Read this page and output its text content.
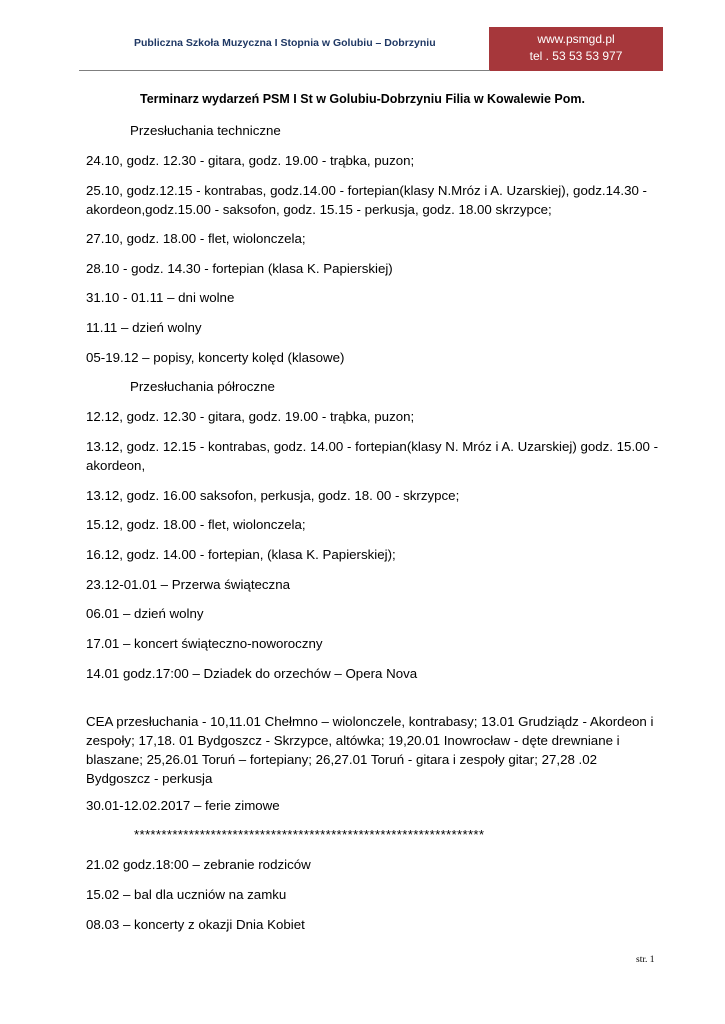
Publiczna Szkoła Muzyczna I Stopnia w Golubiu – Dobrzyniu	www.psmgd.pl
tel . 53 53 53 977
Terminarz wydarzeń PSM I St w Golubiu-Dobrzyniu Filia w Kowalewie Pom.
Przesłuchania techniczne
24.10, godz. 12.30 - gitara, godz. 19.00 - trąbka, puzon;
25.10, godz.12.15 - kontrabas, godz.14.00 - fortepian(klasy N.Mróz i A. Uzarskiej), godz.14.30 - akordeon,godz.15.00 - saksofon, godz. 15.15 - perkusja, godz. 18.00 skrzypce;
27.10, godz. 18.00 - flet, wiolonczela;
28.10 - godz. 14.30 - fortepian (klasa K. Papierskiej)
31.10 - 01.11 – dni wolne
11.11 – dzień wolny
05-19.12 – popisy, koncerty kolęd (klasowe)
Przesłuchania półroczne
12.12, godz. 12.30 - gitara, godz. 19.00 - trąbka, puzon;
13.12, godz. 12.15 - kontrabas, godz. 14.00 - fortepian(klasy N. Mróz i A. Uzarskiej) godz. 15.00 - akordeon,
13.12, godz. 16.00 saksofon, perkusja, godz. 18. 00 - skrzypce;
15.12, godz. 18.00 - flet, wiolonczela;
16.12, godz. 14.00 - fortepian, (klasa K. Papierskiej);
23.12-01.01 – Przerwa świąteczna
06.01 – dzień wolny
17.01 – koncert świąteczno-noworoczny
14.01 godz.17:00 – Dziadek do orzechów – Opera Nova
CEA przesłuchania - 10,11.01 Chełmno – wiolonczele, kontrabasy; 13.01 Grudziądz - Akordeon i zespoły; 17,18. 01 Bydgoszcz - Skrzypce, altówka; 19,20.01 Inowrocław - dęte drewniane i blaszane; 25,26.01 Toruń – fortepiany; 26,27.01 Toruń - gitara i zespoły gitar; 27,28 .02 Bydgoszcz - perkusja
30.01-12.02.2017 – ferie zimowe
****************************************************************
21.02 godz.18:00 – zebranie rodziców
15.02 – bal dla uczniów na zamku
08.03 – koncerty z okazji Dnia Kobiet
str. 1
